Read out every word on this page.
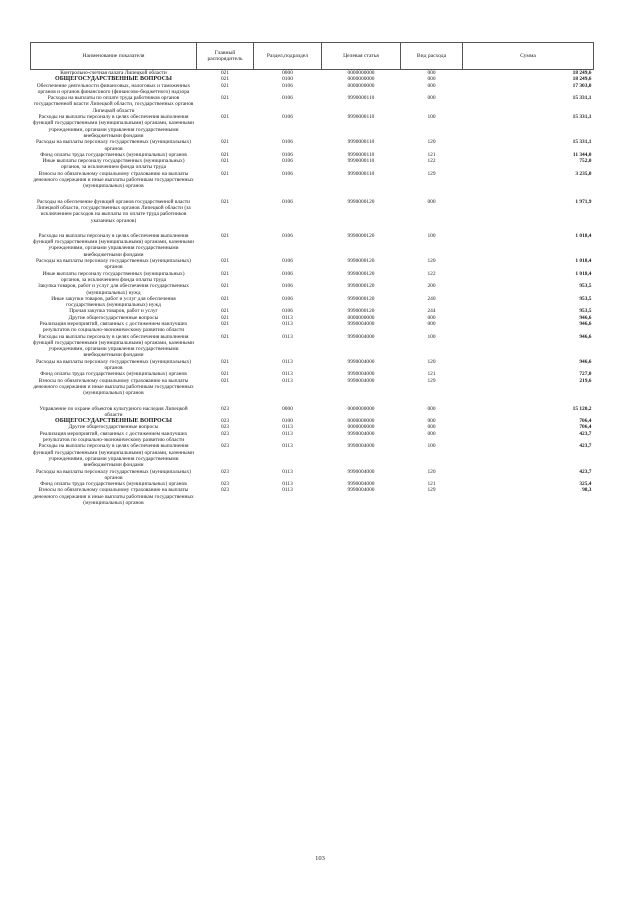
Наименование показателя	Главный распорядитель	Раздел,подраздел	Целевая статья	Вид расхода	Сумма
Контрольно-счетная палата Липецкой области	021	0000	0000000000	000	18 249,6
ОБЩЕГОСУДАРСТВЕННЫЕ ВОПРОСЫ	021	0100	0000000000	000	18 249,6
Обеспечение деятельности финансовых, налоговых и таможенных органов и органов финансового (финансово-бюджетного) надзора	021	0106	0000000000	000	17 303,0
Расходы на выплаты по оплате труда работников органов государственной власти Липецкой области, государственных органов Липецкой области	021	0106	9990000110	000	15 331,1
Расходы на выплаты персоналу в целях обеспечения выполнения функций государственными (муниципальными) органами, казенными учреждениями, органами управления государственными внебюджетными фондами	021	0106	9990000110	100	15 331,1
Расходы на выплаты персоналу государственных (муниципальных) органов	021	0106	9990000110	120	15 331,1
Фонд оплаты труда государственных (муниципальных) органов	021	0106	9990000110	121	11 344,0
Иные выплаты персоналу государственных (муниципальных) органов, за исключением фонда оплаты труда	021	0106	9990000110	122	752,0
Взносы по обязательному социальному страхованию на выплаты денежного содержания и иные выплаты работникам государственных (муниципальных) органов	021	0106	9990000110	129	3 235,0

Расходы на обеспечение функций органов государственной власти Липецкой области, государственных органов Липецкой области (за исключением расходов на выплаты по оплате труда работников указанных органов)	021	0106	9990000120	000	1 971,9

Расходы на выплаты персоналу в целях обеспечения выполнения функций государственными (муниципальными) органами, казенными учреждениями, органами управления государственными внебюджетными фондами	021	0106	9990000120	100	1 018,4
Расходы на выплаты персоналу государственных (муниципальных) органов	021	0106	9990000120	120	1 018,4
Иные выплаты персоналу государственных (муниципальных) органов, за исключением фонда оплаты труда	021	0106	9990000120	122	1 018,4
Закупка товаров, работ и услуг для обеспечения государственных (муниципальных) нужд	021	0106	9990000120	200	953,5
Иные закупки товаров, работ и услуг для обеспечения государственных (муниципальных) нужд	021	0106	9990000120	240	953,5
Прочая закупка товаров, работ и услуг	021	0106	9990000120	244	953,5
Другие общегосударственные вопросы	021	0113	0000000000	000	946,6
Реализация мероприятий, связанных с достижением наилучших результатов по социально-экономическому развитию области	021	0113	9990004000	000	946,6
Расходы на выплаты персоналу в целях обеспечения выполнения функций государственными (муниципальными) органами, казенными учреждениями, органами управления государственными внебюджетными фондами	021	0113	9990004000	100	946,6
Расходы на выплаты персоналу государственных (муниципальных) органов	021	0113	9990004000	120	946,6
Фонд оплаты труда государственных (муниципальных) органов	021	0113	9990004000	121	727,0
Взносы по обязательному социальному страхованию на выплаты денежного содержания и иные выплаты работникам государственных (муниципальных) органов	021	0113	9990004000	129	219,6

Управление по охране объектов культурного наследия Липецкой области	023	0000	0000000000	000	15 120,2
ОБЩЕГОСУДАРСТВЕННЫЕ ВОПРОСЫ	023	0100	0000000000	000	706,4
Другие общегосударственные вопросы	023	0113	0000000000	000	706,4
Реализация мероприятий, связанных с достижением наилучших результатов по социально-экономическому развитию области	023	0113	9990004000	000	423,7
Расходы на выплаты персоналу в целях обеспечения выполнения функций государственными (муниципальными) органами, казенными учреждениями, органами управления государственными внебюджетными фондами	023	0113	9990004000	100	423,7
Расходы на выплаты персоналу государственных (муниципальных) органов	023	0113	9990004000	120	423,7
Фонд оплаты труда государственных (муниципальных) органов	023	0113	9990004000	121	325,4
Взносы по обязательному социальному страхованию на выплаты денежного содержания и иные выплаты работникам государственных (муниципальных) органов	023	0113	9990004000	129	98,3
103
